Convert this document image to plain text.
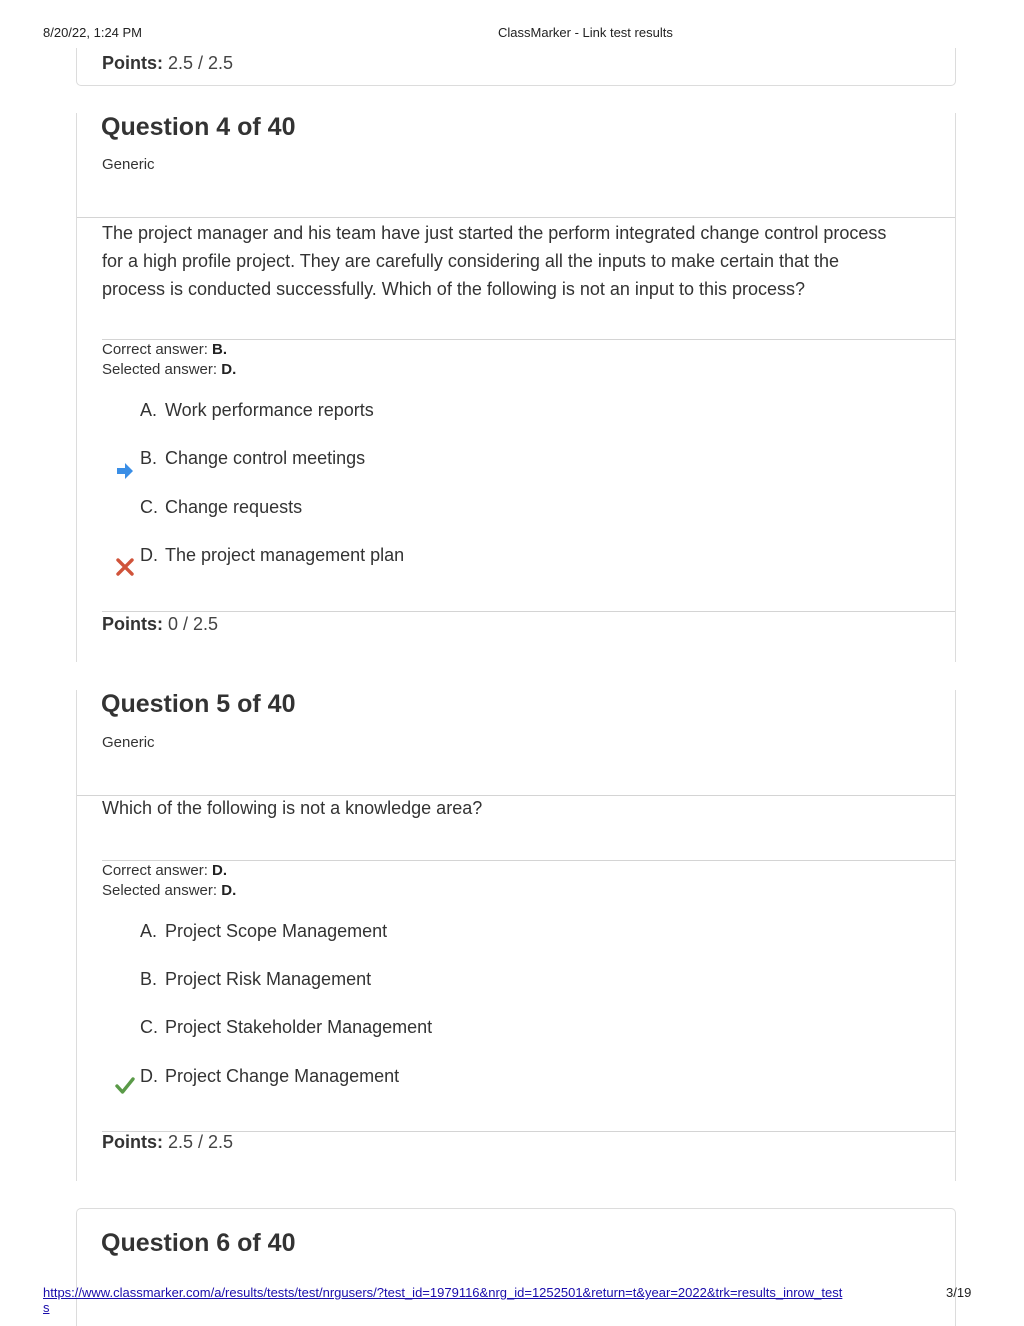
8/20/22, 1:24 PM	ClassMarker - Link test results
Points: 2.5 / 2.5
Question 4 of 40
Generic
The project manager and his team have just started the perform integrated change control process
for a high profile project. They are carefully considering all the inputs to make certain that the
process is conducted successfully. Which of the following is not an input to this process?
Correct answer: B.
Selected answer: D.
A. Work performance reports
B. Change control meetings
C. Change requests
D. The project management plan
Points: 0 / 2.5
Question 5 of 40
Generic
Which of the following is not a knowledge area?
Correct answer: D.
Selected answer: D.
A. Project Scope Management
B. Project Risk Management
C. Project Stakeholder Management
D. Project Change Management
Points: 2.5 / 2.5
Question 6 of 40
https://www.classmarker.com/a/results/tests/test/nrgusers/?test_id=1979116&nrg_id=1252501&return=t&year=2022&trk=results_inrow_test
s
3/19
